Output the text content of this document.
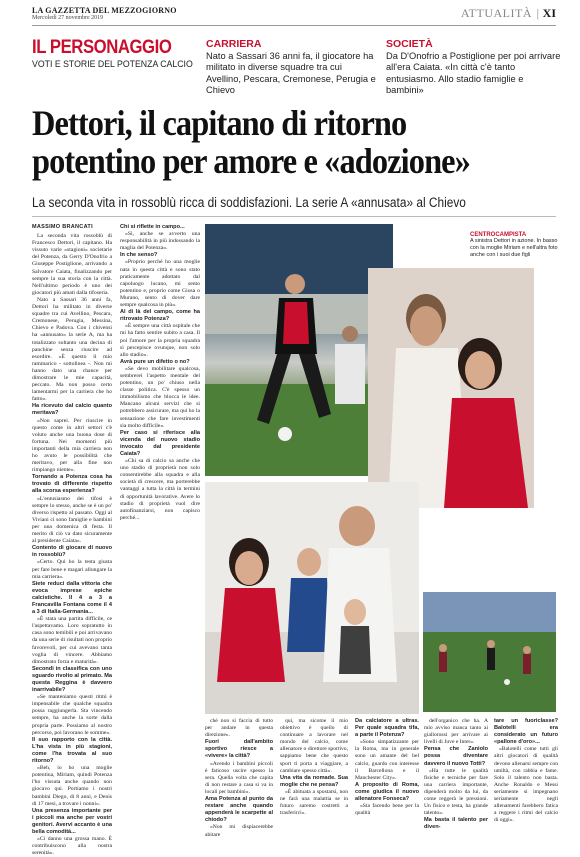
LA GAZZETTA DEL MEZZOGIORNO
Mercoledì 27 novembre 2019	ATTUALITÀ | XI
IL PERSONAGGIO
VOTI E STORIE DEL POTENZA CALCIO
CARRIERA
Nato a Sassari 36 anni fa, il giocatore ha militato in diverse squadre tra cui Avellino, Pescara, Cremonese, Perugia e Chievo
SOCIETÀ
Da D'Onofrio a Postiglione per poi arrivare all'era Caiata. «In città c'è tanto entusiasmo. Allo stadio famiglie e bambini»
Dettori, il capitano di ritorno
potentino per amore e «adozione»
La seconda vita in rossoblù ricca di soddisfazioni. La serie A «annusata» al Chievo
MASSIMO BRANCATI

La seconda vita rossoblù di Francesco Dettori, il capitano. Ha vissuto varie «stagioni» societarie del Potenza, da Gerry D'Onofrio a Giuseppe Postiglione, arrivando a Salvatore Caiata, finalizzando per sempre la sua storia con la città. Nell'ultimo periodo è uno dei giocatori più amati dalla tifoseria.

Nato a Sassari 36 anni fa, Dettori ha militato in diverse squadre tra cui Avellino, Pescara, Cremonese, Perugia, Messina, Chievo e Padova. Con i chivensi ha «annusato» la serie A, ma ha totalizzato soltanto una decina di panchine senza riuscire ad esordire. «È questo il mio rammarico - sottolinea -. Non mi hanno dato una chance per dimostrare le mie capacità, peccato. Ma non posso certo lamentarmi per la carriera che ho fatto».

Ha ricevuto dal calcio quanto meritava?

«Non saprei. Per riuscire in questo come in altri settori c'è voluto anche una buona dose di fortuna. Nei momenti più importanti della mia carriera non ho avuto le possibilità che meritavo, per alla fine non rimpiango niente».

Tornando a Potenza cosa ha trovato di differente rispetto alla scorsa esperienza?

«L'entusiasmo dei tifosi è sempre lo stesso, anche se è un po' diverso rispetto al passato. Oggi al Viviani ci sono famiglie e bambini per una domenica di festa. Il merito di ciò va dato sicuramente al presidente Caiata».

Contento di giocare di nuovo in rossoblù?

«Certo. Qui ho la testa giusta per fare bene e magari allungare la mia carriera».

Siete reduci dalla vittoria che evoca imprese epiche calcistiche. Il 4 a 3 a Francavilla Fontana come il 4 a 3 di Italia-Germania...

«È stata una partita difficile, ce l'aspettavamo. Loro sopratutto in casa sono temibili e poi arrivavano da una serie di risultati non proprio favorevoli, per cui avevano tanta voglia di vincere. Abbiamo dimostrato forza e maturità».

Secondi in classifica con uno sguardo rivolto al primato. Ma questa Reggina è davvero inarrivabile?

«Se manteniamo questi ritmi è impensabile che qualche squadra possa raggiungerla. Sta vincendo sempre, ha anche la sorte dalla propria parte. Possiamo al nostro percorso, poi lavorano le somme».

Il suo rapporto con la città. L'ha vista in più stagioni, come l'ha trovata al suo ritorno?

«Beh, io ho una moglie potentina, Miriam, quindi Potenza l'ho vissuta anche quando non giocavo qui. Portiamo i nostri bambini Diego, di 8 anni, e Denis di 17 mesi, a trovare i nonni».

Una presenza importante per i piccoli ma anche per vostri genitori. Avervi accanto è una bella comodità...

«Ci danno una grossa mano. È contribuiscono alla nostra serenità».

Chi si riflette in campo...

«Sì, anche se avverto una responsabilità in più indossando la maglia del Potenza».

In che senso?

«Proprio perché ho una moglie nata in questa città e sono stato praticamente adottato dal capoluogo lucano, mi sento potentino e, proprio come Giosa o Murano, sento di dover dare sempre qualcosa in più».

Al di là del campo, come ha ritrovato Potenza?

«È sempre una città ospitale che mi ha fatto sentire subito a casa. Il poi l'amore per la propria squadra si percepisce ovunque, non solo allo stadio».

Avrà pure un difetto o no?

«Se devo mobilitare qualcosa, sembrerei l'aspetto mentale del potentino, un po' chiuso nella classe politica. C'è spesso un immobilismo che blocca le idee. Mancano alcuni servizi che si potrebbero assicurare, ma qui ho la sensazione che fare investimenti sia molto difficile».

Per caso si riferisce alla vicenda del nuovo stadio invocato dal presidente Caiata?

«Chi sa di calcio sa anche che uno stadio di proprietà non solo consentirebbe alla squadra e alla società di crescere, ma porterebbe vantaggi a tutta la città in termini di opportunità lavorative. Avere lo stadio di proprietà vuol dire autofinanziarsi, non capisco perché...

CENTROCAMPISTA
A sinistra Dettori in azione. In basso con la moglie Miriam e nell'altra foto anche con i suoi due figli

ché non si faccia di tutto per andare in questa direzione».

Fuori dall'ambito sportivo riesce a «vivere» la città?

«Avendo i bambini piccoli è faticoso uscire spesso la sera. Quella volta che capita di non restare a casa si va in locali per bambini».

Ama Potenza al punto da restare anche quando appenderà le scarpette al chiodo?

«Non mi dispiacerebbe abitare

qui, ma sicome il mio obiettivo è quello di continuare a lavorare nel mondo del calcio, come allenatore o direttore sportivo, sappiamo bene che questo sport ti porta a viaggiare, a cambiare spesso città».

Una vita da nomade. Sua moglie che ne pensa?

«È abituata a spostarsi, non ne farà una malattia se in futuro saremo costretti a trasferirci».

Da calciatore a ultras. Per quale squadra tifa, a parte il Potenza?

«Sono simpatizzante per la Roma, ma in generale sono un amante del bel calcio, guardo con interesse il Barcellona e il Manchester City».

A proposito di Roma, come giudica il nuovo allenatore Fonseca?

«Sta facendo bene per la qualità

dell'organico che ha. A mio avviso manca tanto ai giallorossi per arrivare ai livelli di Juve e Inter».

Pensa che Zaniolo possa diventare davvero il nuovo Totti?

«Ha tutte le qualità fisiche e tecniche per fare una carriera importante, dipenderà molto da lui, da come reggerà le pressioni. Un fisico e testa, ha grande talento».

Ma basta il talento per diven-

tare un fuoriclasse? Balotelli era considerato un futuro «pallone d'oro»...

«Balotelli come tutti gli altri giocatori di qualità devono allenarsi sempre con umiltà, con rabbia e fame. Solo il talento non basta. Anche Ronaldo e Messi seriamente si impegnano seriamente negli allenamenti farebbero fatica a reggere i ritmi del calcio di oggi».
